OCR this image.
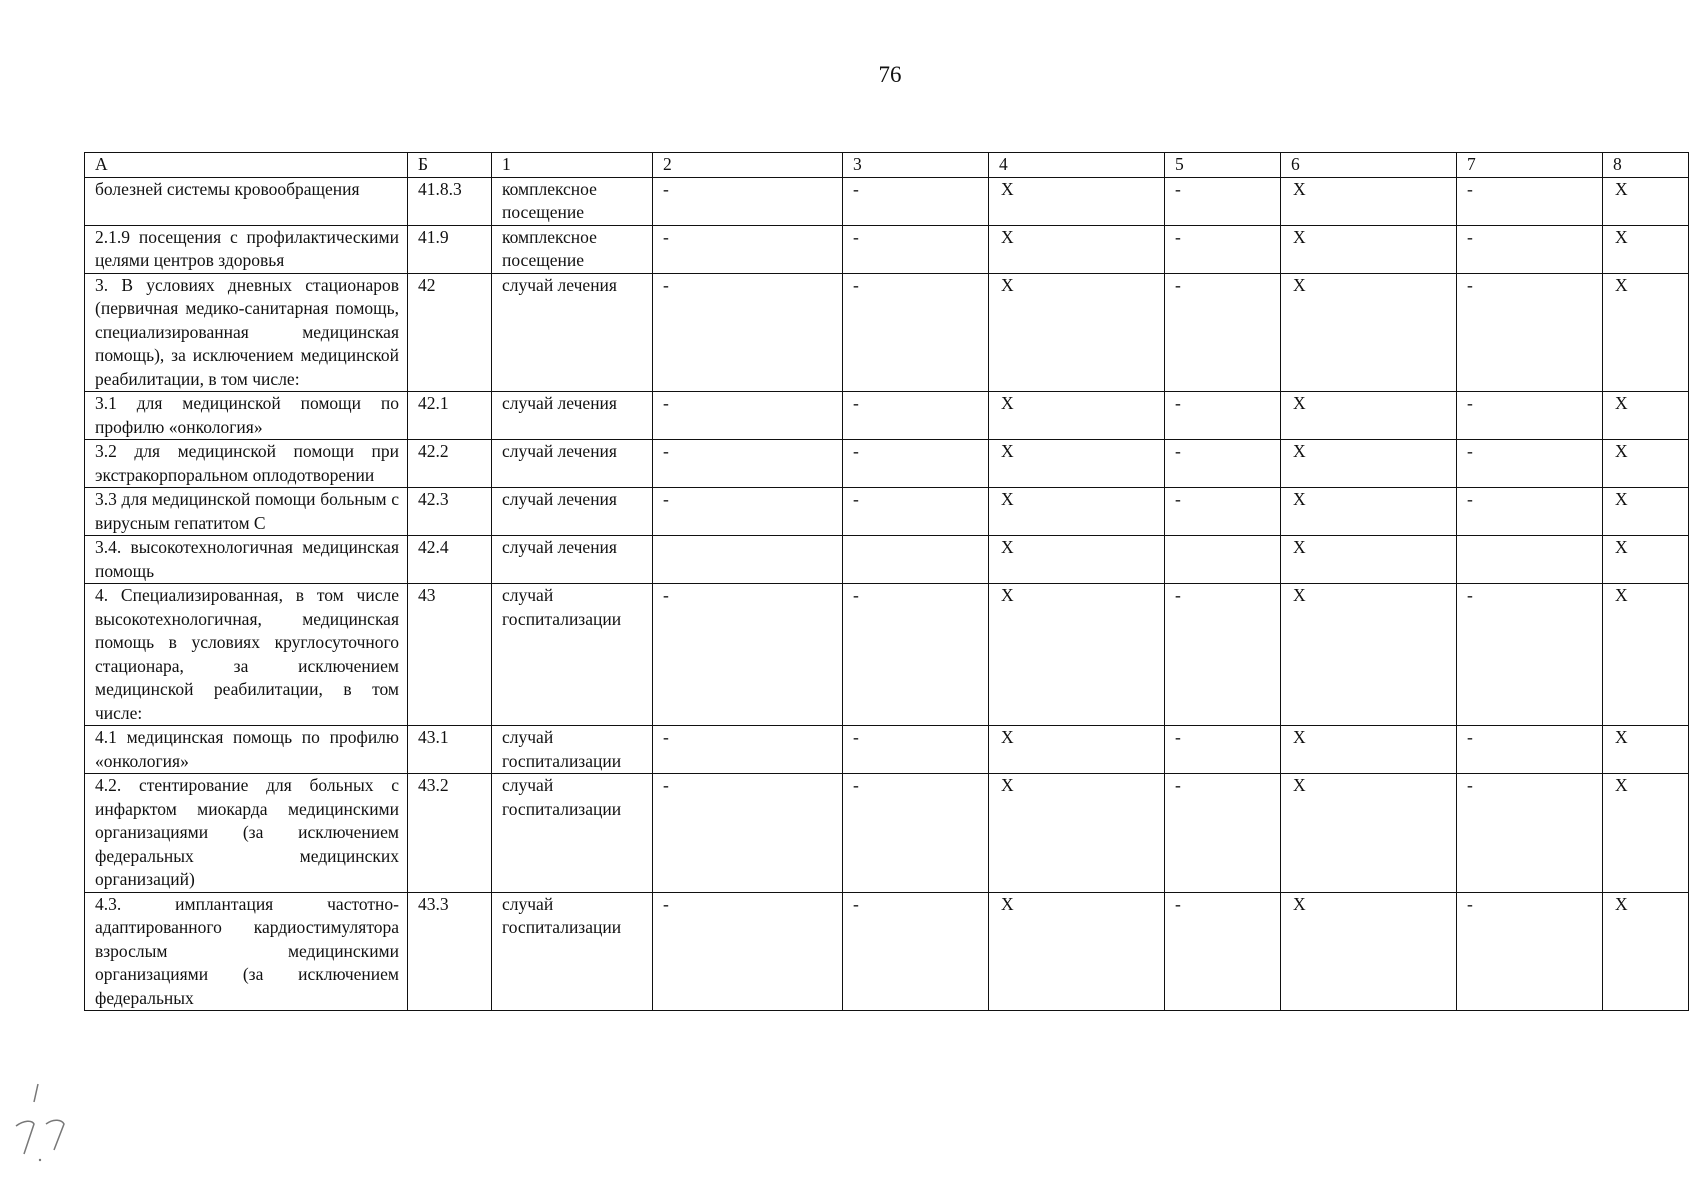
76
А	Б	1	2	3	4	5	6	7	8
болезней системы кровообращения	41.8.3	комплексное посещение	-	-	X	-	X	-	X
2.1.9 посещения с профилактическими целями центров здоровья	41.9	комплексное посещение	-	-	X	-	X	-	X
3. В условиях дневных стационаров (первичная медико-санитарная помощь, специализированная медицинская помощь), за исключением медицинской реабилитации, в том числе:	42	случай лечения	-	-	X	-	X	-	X
3.1 для медицинской помощи по профилю «онкология»	42.1	случай лечения	-	-	X	-	X	-	X
3.2 для медицинской помощи при экстракорпоральном оплодотворении	42.2	случай лечения	-	-	X	-	X	-	X
3.3 для медицинской помощи больным с вирусным гепатитом С	42.3	случай лечения	-	-	X	-	X	-	X
3.4. высокотехнологичная медицинская помощь	42.4	случай лечения			X		X		X
4. Специализированная, в том числе высокотехнологичная, медицинская помощь в условиях круглосуточного стационара, за исключением медицинской реабилитации, в том числе:	43	случай госпитализации	-	-	X	-	X	-	X
4.1 медицинская помощь по профилю «онкология»	43.1	случай госпитализации	-	-	X	-	X	-	X
4.2. стентирование для больных с инфарктом миокарда медицинскими организациями (за исключением федеральных медицинских организаций)	43.2	случай госпитализации	-	-	X	-	X	-	X
4.3. имплантация частотно-адаптированного кардиостимулятора взрослым медицинскими организациями (за исключением федеральных	43.3	случай госпитализации	-	-	X	-	X	-	X
